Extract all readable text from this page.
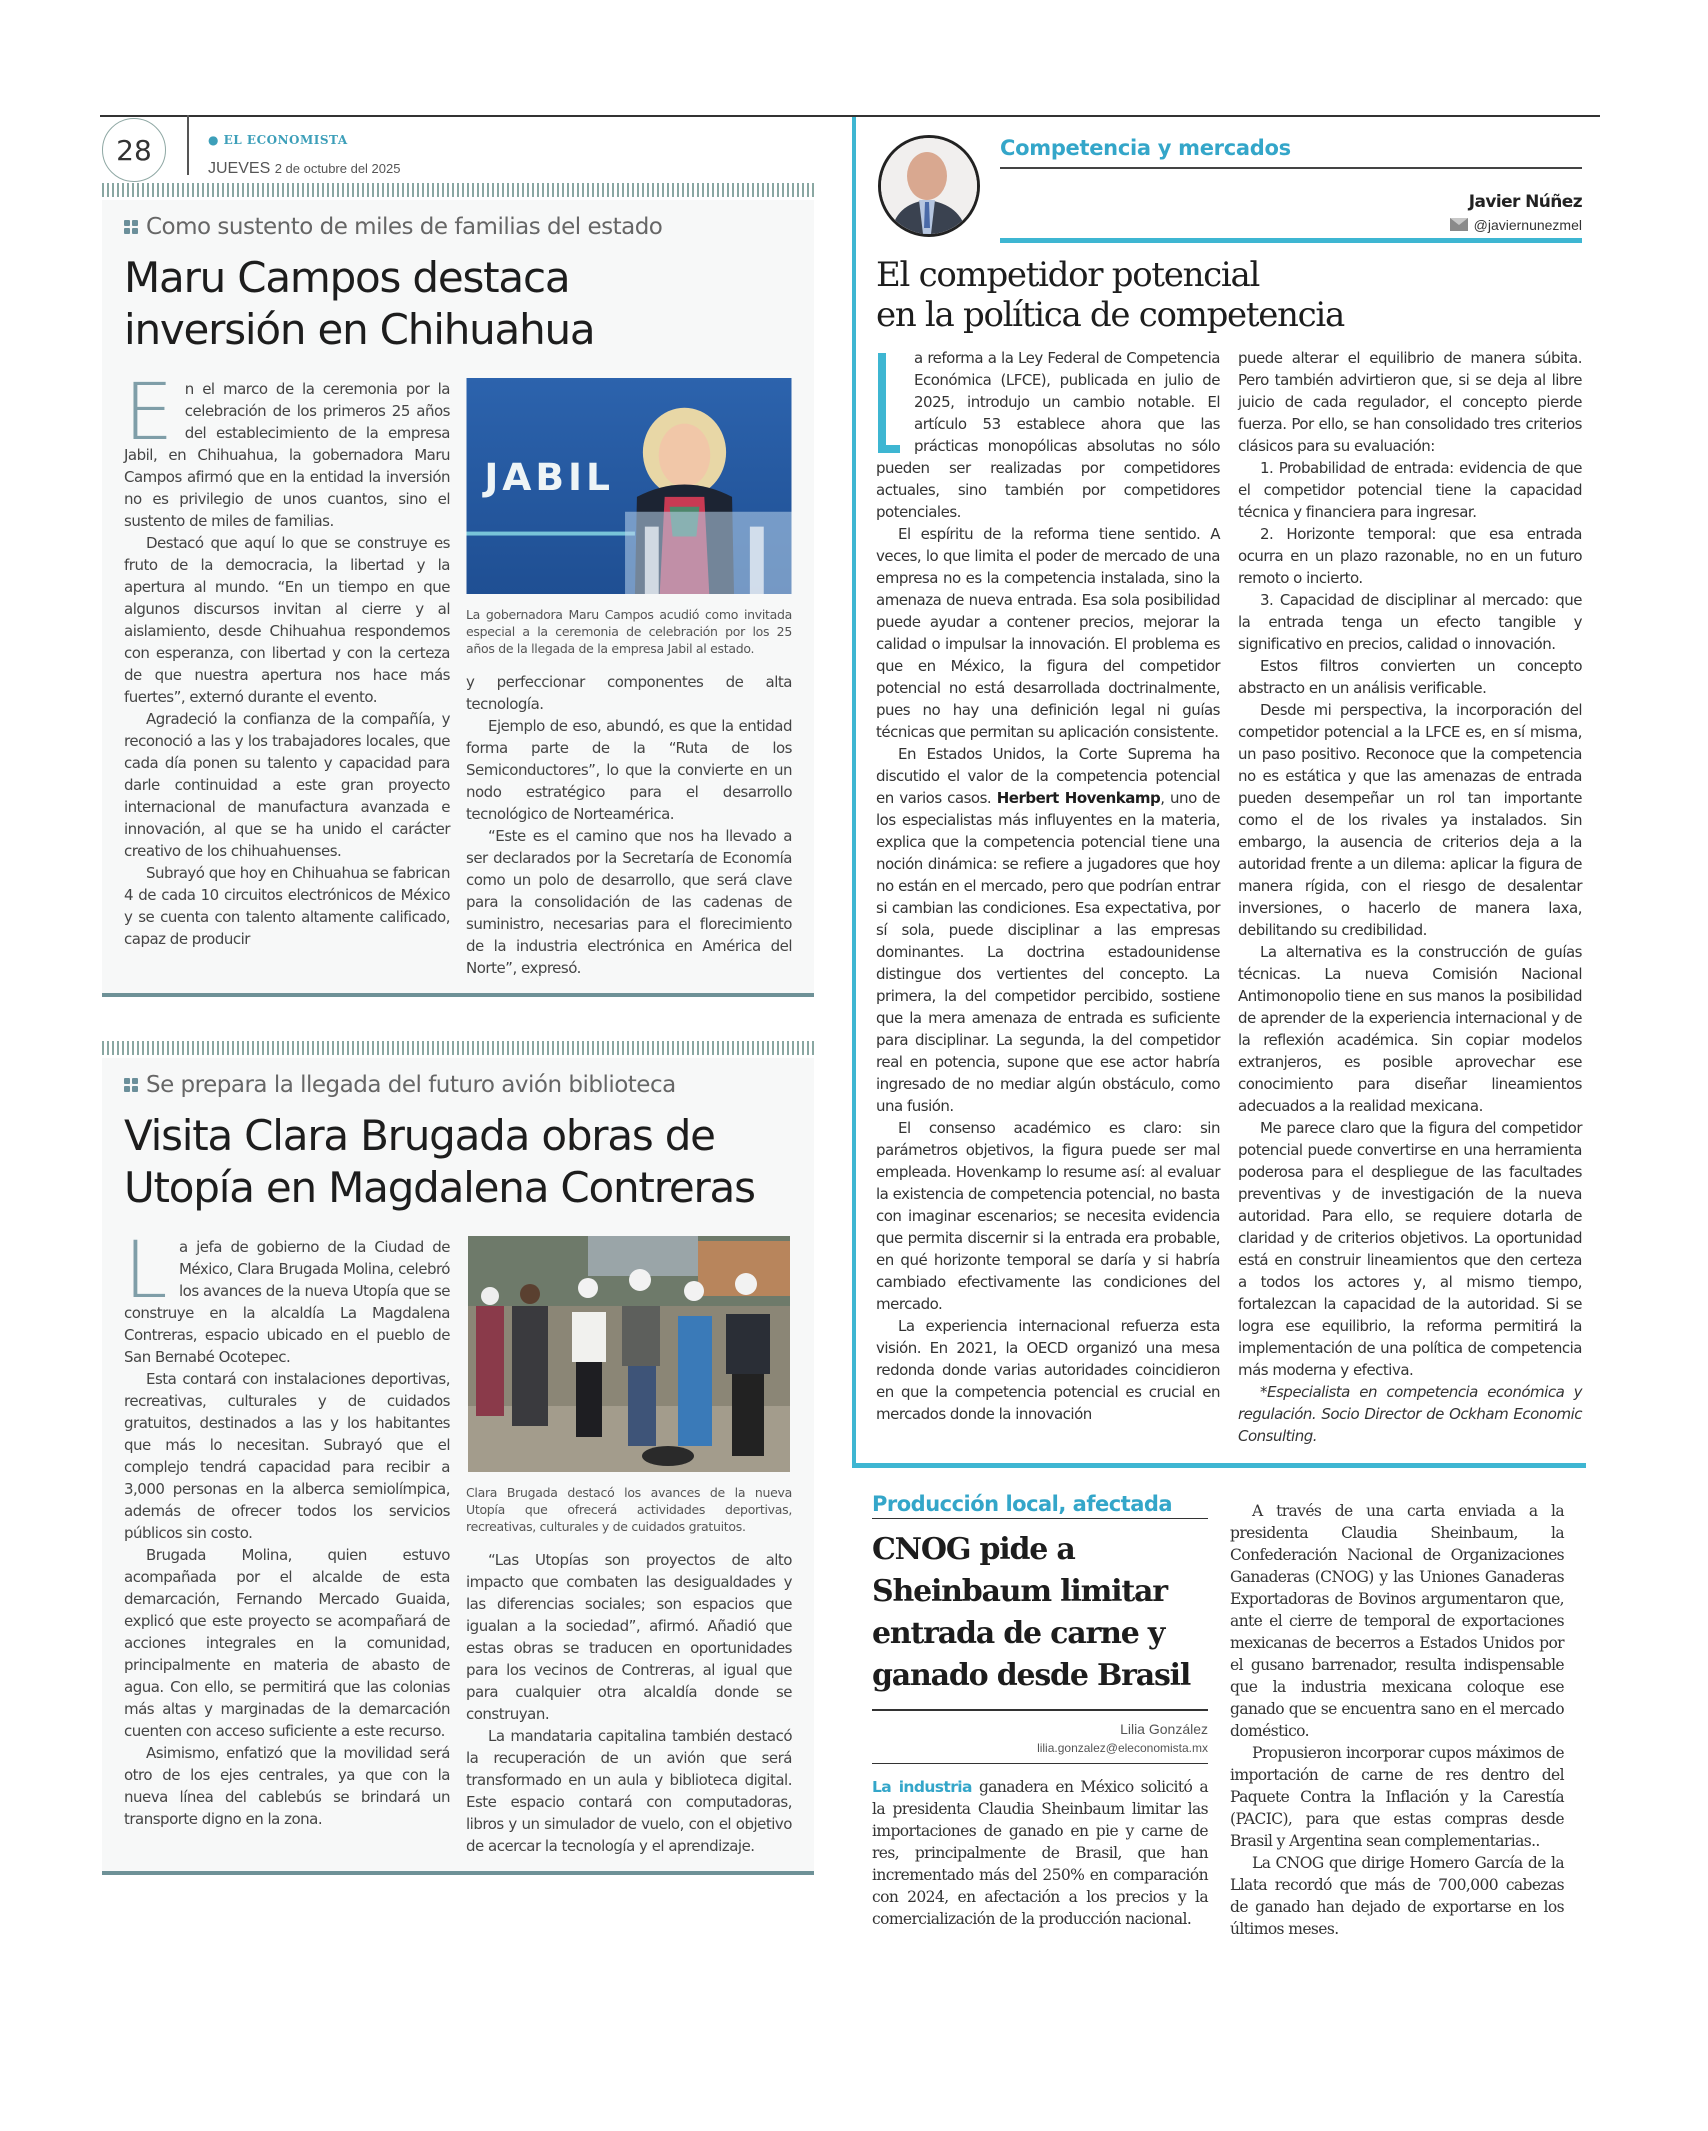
28	● EL ECONOMISTA
JUEVES 2 de octubre del 2025
Como sustento de miles de familias del estado
Maru Campos destaca
inversión en Chihuahua
E n el marco de la ceremonia por la celebración de los primeros 25 años del establecimiento de la empresa Jabil, en Chihuahua, la gobernadora Maru Campos afirmó que en la entidad la inversión no es privilegio de unos cuantos, sino el sustento de miles de familias.

Destacó que aquí lo que se construye es fruto de la democracia, la libertad y la apertura al mundo. “En un tiempo en que algunos discursos invitan al cierre y al aislamiento, desde Chihuahua respondemos con esperanza, con libertad y con la certeza de que nuestra apertura nos hace más fuertes”, externó durante el evento.

Agradeció la confianza de la compañía, y reconoció a las y los trabajadores locales, que cada día ponen su talento y capacidad para darle continuidad a este gran proyecto internacional de manufactura avanzada e innovación, al que se ha unido el carácter creativo de los chihuahuenses.

Subrayó que hoy en Chihuahua se fabrican 4 de cada 10 circuitos electrónicos de México y se cuenta con talento altamente calificado, capaz de producir

JABIL
La gobernadora Maru Campos acudió como invitada especial a la ceremonia de celebración por los 25 años de la llegada de la empresa Jabil al estado.

y perfeccionar componentes de alta tecnología.

Ejemplo de eso, abundó, es que la entidad forma parte de la “Ruta de los Semiconductores”, lo que la convierte en un nodo estratégico para el desarrollo tecnológico de Norteamérica.

“Este es el camino que nos ha llevado a ser declarados por la Secretaría de Economía como un polo de desarrollo, que será clave para la consolidación de las cadenas de suministro, necesarias para el florecimiento de la industria electrónica en América del Norte”, expresó.

Se prepara la llegada del futuro avión biblioteca
Visita Clara Brugada obras de
Utopía en Magdalena Contreras
L a jefa de gobierno de la Ciudad de México, Clara Brugada Molina, celebró los avances de la nueva Utopía que se construye en la alcaldía La Magdalena Contreras, espacio ubicado en el pueblo de San Bernabé Ocotepec.

Esta contará con instalaciones deportivas, recreativas, culturales y de cuidados gratuitos, destinados a las y los habitantes que más lo necesitan. Subrayó que el complejo tendrá capacidad para recibir a 3,000 personas en la alberca semiolímpica, además de ofrecer todos los servicios públicos sin costo.

Brugada Molina, quien estuvo acompañada por el alcalde de esta demarcación, Fernando Mercado Guaida, explicó que este proyecto se acompañará de acciones integrales en la comunidad, principalmente en materia de abasto de agua. Con ello, se permitirá que las colonias más altas y marginadas de la demarcación cuenten con acceso suficiente a este recurso.

Asimismo, enfatizó que la movilidad será otro de los ejes centrales, ya que con la nueva línea del cablebús se brindará un transporte digno en la zona.

Clara Brugada destacó los avances de la nueva Utopía que ofrecerá actividades deportivas, recreativas, culturales y de cuidados gratuitos.

“Las Utopías son proyectos de alto impacto que combaten las desigualdades y las diferencias sociales; son espacios que igualan a la sociedad”, afirmó. Añadió que estas obras se traducen en oportunidades para los vecinos de Contreras, al igual que para cualquier otra alcaldía donde se construyan.

La mandataria capitalina también destacó la recuperación de un avión que será transformado en un aula y biblioteca digital. Este espacio contará con computadoras, libros y un simulador de vuelo, con el objetivo de acercar la tecnología y el aprendizaje.

Competencia y mercados
Javier Núñez
@javiernunezmel
El competidor potencial
en la política de competencia

a reforma a la Ley Federal de Competencia Económica (LFCE), publicada en julio de 2025, introdujo un cambio notable. El artículo 53 establece ahora que las prácticas monopólicas absolutas no sólo pueden ser realizadas por competidores actuales, sino también por competidores potenciales.

El espíritu de la reforma tiene sentido. A veces, lo que limita el poder de mercado de una empresa no es la competencia instalada, sino la amenaza de nueva entrada. Esa sola posibilidad puede ayudar a contener precios, mejorar la calidad o impulsar la innovación. El problema es que en México, la figura del competidor potencial no está desarrollada doctrinalmente, pues no hay una definición legal ni guías técnicas que permitan su aplicación consistente.

En Estados Unidos, la Corte Suprema ha discutido el valor de la competencia potencial en varios casos. Herbert Hovenkamp, uno de los especialistas más influyentes en la materia, explica que la competencia potencial tiene una noción dinámica: se refiere a jugadores que hoy no están en el mercado, pero que podrían entrar si cambian las condiciones. Esa expectativa, por sí sola, puede disciplinar a las empresas dominantes. La doctrina estadounidense distingue dos vertientes del concepto. La primera, la del competidor percibido, sostiene que la mera amenaza de entrada es suficiente para disciplinar. La segunda, la del competidor real en potencia, supone que ese actor habría ingresado de no mediar algún obstáculo, como una fusión.

El consenso académico es claro: sin parámetros objetivos, la figura puede ser mal empleada. Hovenkamp lo resume así: al evaluar la existencia de competencia potencial, no basta con imaginar escenarios; se necesita evidencia que permita discernir si la entrada era probable, en qué horizonte temporal se daría y si habría cambiado efectivamente las condiciones del mercado.

La experiencia internacional refuerza esta visión. En 2021, la OECD organizó una mesa redonda donde varias autoridades coincidieron en que la competencia potencial es crucial en mercados donde la innovación

puede alterar el equilibrio de manera súbita. Pero también advirtieron que, si se deja al libre juicio de cada regulador, el concepto pierde fuerza. Por ello, se han consolidado tres criterios clásicos para su evaluación:

1. Probabilidad de entrada: evidencia de que el competidor potencial tiene la capacidad técnica y financiera para ingresar.

2. Horizonte temporal: que esa entrada ocurra en un plazo razonable, no en un futuro remoto o incierto.

3. Capacidad de disciplinar al mercado: que la entrada tenga un efecto tangible y significativo en precios, calidad o innovación.

Estos filtros convierten un concepto abstracto en un análisis verificable.

Desde mi perspectiva, la incorporación del competidor potencial a la LFCE es, en sí misma, un paso positivo. Reconoce que la competencia no es estática y que las amenazas de entrada pueden desempeñar un rol tan importante como el de los rivales ya instalados. Sin embargo, la ausencia de criterios deja a la autoridad frente a un dilema: aplicar la figura de manera rígida, con el riesgo de desalentar inversiones, o hacerlo de manera laxa, debilitando su credibilidad.

La alternativa es la construcción de guías técnicas. La nueva Comisión Nacional Antimonopolio tiene en sus manos la posibilidad de aprender de la experiencia internacional y de la reflexión académica. Sin copiar modelos extranjeros, es posible aprovechar ese conocimiento para diseñar lineamientos adecuados a la realidad mexicana.

Me parece claro que la figura del competidor potencial puede convertirse en una herramienta poderosa para el despliegue de las facultades preventivas y de investigación de la nueva autoridad. Para ello, se requiere dotarla de claridad y de criterios objetivos. La oportunidad está en construir lineamientos que den certeza a todos los actores y, al mismo tiempo, fortalezcan la capacidad de la autoridad. Si se logra ese equilibrio, la reforma permitirá la implementación de una política de competencia más moderna y efectiva.

*Especialista en competencia económica y regulación. Socio Director de Ockham Economic Consulting.

Producción local, afectada
CNOG pide a Sheinbaum limitar entrada de carne y ganado desde Brasil
Lilia González
lilia.gonzalez@eleconomista.mx

La industria ganadera en México solicitó a la presidenta Claudia Sheinbaum limitar las importaciones de ganado en pie y carne de res, principalmente de Brasil, que han incrementado más del 250% en comparación con 2024, en afectación a los precios y la comercialización de la producción nacional.

A través de una carta enviada a la presidenta Claudia Sheinbaum, la Confederación Nacional de Organizaciones Ganaderas (CNOG) y las Uniones Ganaderas Exportadoras de Bovinos argumentaron que, ante el cierre de temporal de exportaciones mexicanas de becerros a Estados Unidos por el gusano barrenador, resulta indispensable que la industria mexicana coloque ese ganado que se encuentra sano en el mercado doméstico.

Propusieron incorporar cupos máximos de importación de carne de res dentro del Paquete Contra la Inflación y la Carestía (PACIC), para que estas compras desde Brasil y Argentina sean complementarias..

La CNOG que dirige Homero García de la Llata recordó que más de 700,000 cabezas de ganado han dejado de exportarse en los últimos meses.
